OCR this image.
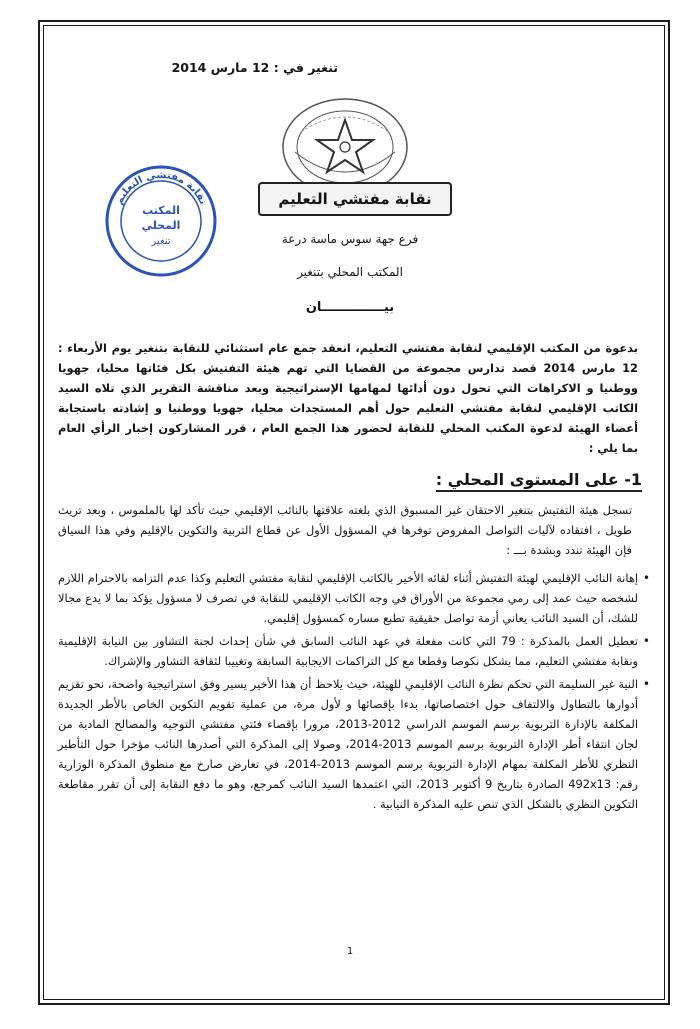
تنغير في : 12 مارس 2014
نقابة مفتشي التعليم
نقابة مفتشي التعليم
المكتب
المحلي
تنغير	فرع جهة سوس ماسة درعة
المكتب المحلي بتنغير
بيــــــــــــــان
بدعوة من المكتب الإقليمي لنقابة مفتشي التعليم، انعقد جمع عام استثنائي للنقابة بتنغير يوم الأربعاء : 12 مارس 2014 قصد تدارس مجموعة من القضايا التي تهم هيئة التفتيش بكل فئاتها محليا، جهويا ووطنيا و الاكراهات التي تحول دون أدائها لمهامها الإستراتيجية وبعد مناقشة التقرير الذي تلاه السيد الكاتب الإقليمي لنقابة مفتشي التعليم حول أهم المستجدات محليا، جهويا ووطنيا و إشادته باستجابة أعضاء الهيئة لدعوة المكتب المحلي للنقابة لحضور هذا الجمع العام ، قرر المشاركون إخبار الرأي العام بما يلي :
1- على المستوى المحلي :
تسجل هيئة التفتيش بتنغير الاحتقان غير المسبوق الذي بلغته علاقتها بالنائب الإقليمي حيث تأكد لها بالملموس ، وبعد تريث طويل ، افتقاده لآليات التواصل المفروض توفرها في المسؤول الأول عن قطاع التربية والتكوين بالإقليم وفي هذا السياق فإن الهيئة تندد وبشدة بـــ :
• إهانة النائب الإقليمي لهيئة التفتيش أثناء لقائه الأخير بالكاتب الإقليمي لنقابة مفتشي التعليم وكذا عدم التزامه بالاحترام اللازم لشخصه حيث عمد إلى رمي مجموعة من الأوراق في وجه الكاتب الإقليمي للنقابة في تصرف لا مسؤول يؤكد بما لا يدع مجالا للشك، أن السيد النائب يعاني أزمة تواصل حقيقية تطبع مساره كمسؤول إقليمي.
• تعطيل العمل بالمذكرة : 79 التي كانت مفعلة في عهد النائب السابق في شأن إحداث لجنة التشاور بين النيابة الإقليمية ونقابة مفتشي التعليم، مما يشكل نكوصا وقطعا مع كل التراكمات الايجابية السابقة وتغييبا لثقافة التشاور والإشراك.
• النية غير السليمة التي تحكم نظرة النائب الإقليمي للهيئة، حيث يلاحظ أن هذا الأخير يسير وفق استراتيجية واضحة، نحو تقزيم أدوارها بالتطاول والالتفاف حول اختصاصاتها، بدءا بإقصائها و لأول مرة، من عملية تقويم التكوين الخاص بالأطر الجديدة المكلفة بالإدارة التربوية برسم الموسم الدراسي 2012-2013، مرورا بإقصاء فئتي مفتشي التوجيه والمصالح المادية من لجان انتقاء أطر الإدارة التربوية برسم الموسم 2013-2014، وصولا إلى المذكرة التي أصدرها النائب مؤخرا حول التأطير النظري للأطر المكلفة بمهام الإدارة التربوية برسم الموسم 2013-2014، في تعارض صارخ مع منطوق المذكرة الوزارية رقم: 492x13 الصادرة بتاريخ 9 أكتوبر 2013، التي اعتمدها السيد النائب كمرجع، وهو ما دفع النقابة إلى أن تقرر مقاطعة التكوين النظري بالشكل الذي تنص عليه المذكرة النيابية .
1
